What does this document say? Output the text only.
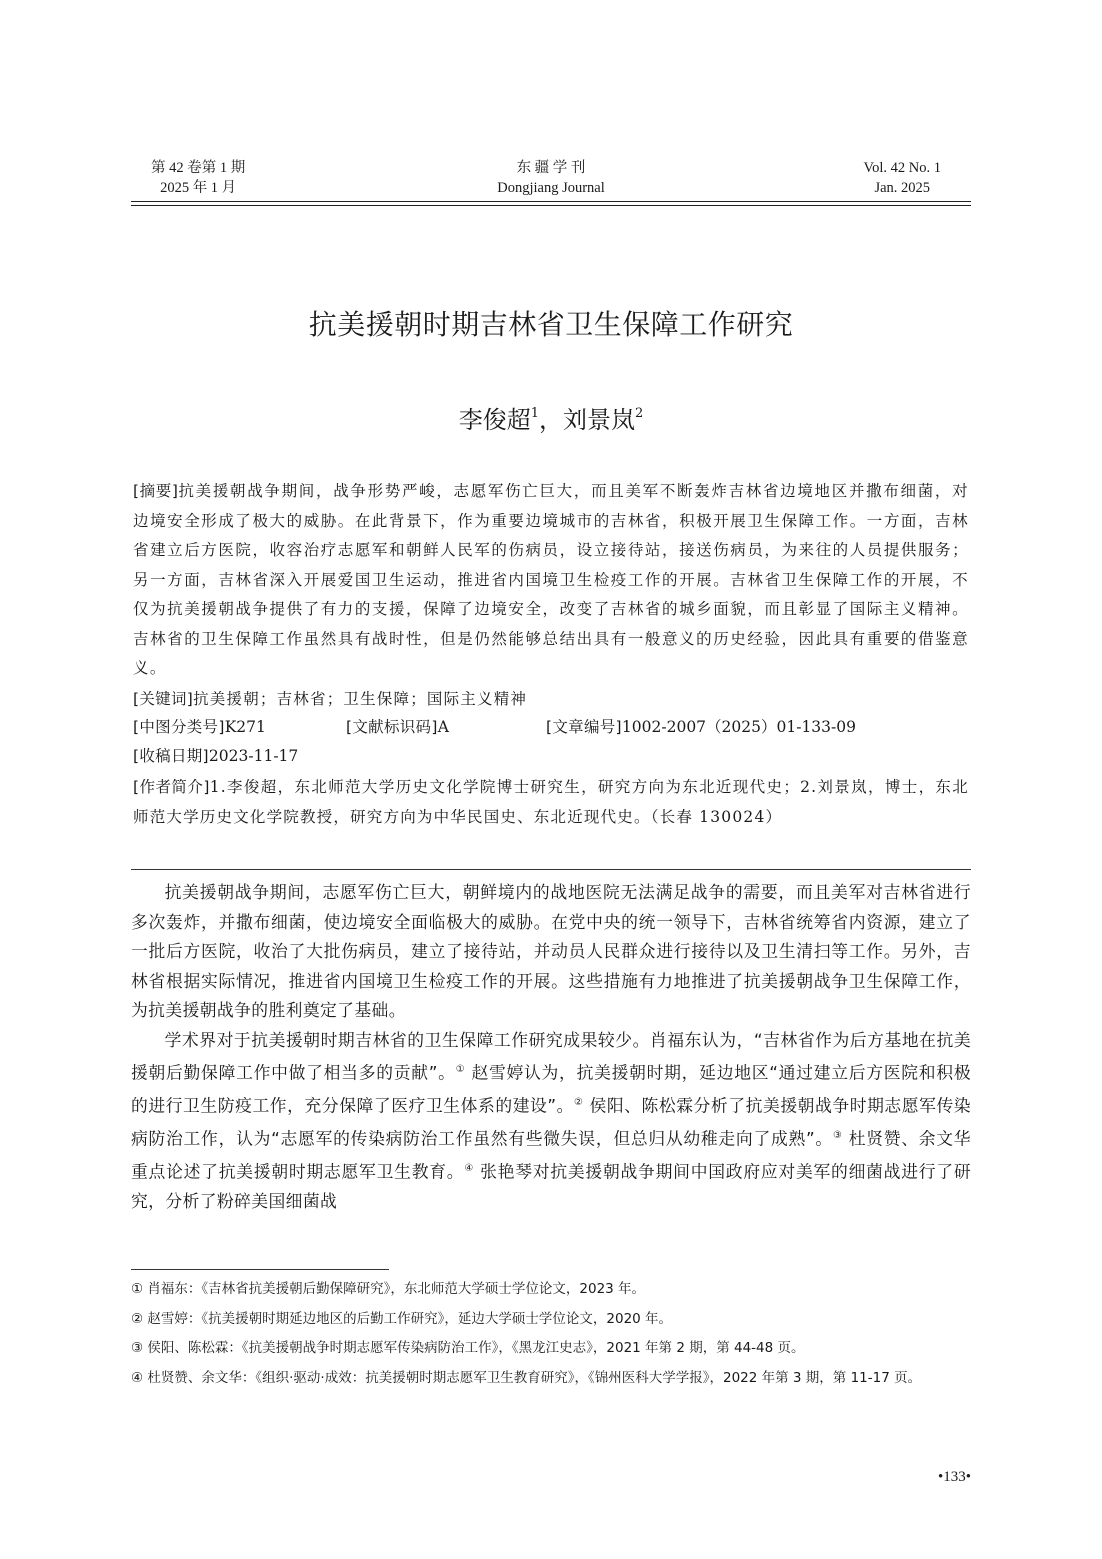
第 42 卷第 1 期
2025 年 1 月
东 疆 学 刊
Dongjiang Journal
Vol. 42 No. 1
Jan. 2025
抗美援朝时期吉林省卫生保障工作研究
李俊超$^1$，刘景岚$^2$
[摘要]抗美援朝战争期间，战争形势严峻，志愿军伤亡巨大，而且美军不断轰炸吉林省边境地区并撒布细菌，对边境安全形成了极大的威胁。在此背景下，作为重要边境城市的吉林省，积极开展卫生保障工作。一方面，吉林省建立后方医院，收容治疗志愿军和朝鲜人民军的伤病员，设立接待站，接送伤病员，为来往的人员提供服务；另一方面，吉林省深入开展爱国卫生运动，推进省内国境卫生检疫工作的开展。吉林省卫生保障工作的开展，不仅为抗美援朝战争提供了有力的支援，保障了边境安全，改变了吉林省的城乡面貌，而且彰显了国际主义精神。吉林省的卫生保障工作虽然具有战时性，但是仍然能够总结出具有一般意义的历史经验，因此具有重要的借鉴意义。
[关键词]抗美援朝；吉林省；卫生保障；国际主义精神
[中图分类号]K271	[文献标识码]A	[文章编号]1002-2007（2025）01-133-09
[收稿日期]2023-11-17
[作者简介]1.李俊超，东北师范大学历史文化学院博士研究生，研究方向为东北近现代史；2.刘景岚，博士，东北师范大学历史文化学院教授，研究方向为中华民国史、东北近现代史。（长春 130024）

抗美援朝战争期间，志愿军伤亡巨大，朝鲜境内的战地医院无法满足战争的需要，而且美军对吉林省进行多次轰炸，并撒布细菌，使边境安全面临极大的威胁。在党中央的统一领导下，吉林省统筹省内资源，建立了一批后方医院，收治了大批伤病员，建立了接待站，并动员人民群众进行接待以及卫生清扫等工作。另外，吉林省根据实际情况，推进省内国境卫生检疫工作的开展。这些措施有力地推进了抗美援朝战争卫生保障工作，为抗美援朝战争的胜利奠定了基础。

学术界对于抗美援朝时期吉林省的卫生保障工作研究成果较少。肖福东认为，“吉林省作为后方基地在抗美援朝后勤保障工作中做了相当多的贡献”。① 赵雪婷认为，抗美援朝时期，延边地区“通过建立后方医院和积极的进行卫生防疫工作，充分保障了医疗卫生体系的建设”。② 侯阳、陈松霖分析了抗美援朝战争时期志愿军传染病防治工作，认为“志愿军的传染病防治工作虽然有些微失误，但总归从幼稚走向了成熟”。③ 杜贤赞、余文华重点论述了抗美援朝时期志愿军卫生教育。④ 张艳琴对抗美援朝战争期间中国政府应对美军的细菌战进行了研究，分析了粉碎美国细菌战

① 肖福东：《吉林省抗美援朝后勤保障研究》，东北师范大学硕士学位论文，2023 年。
② 赵雪婷：《抗美援朝时期延边地区的后勤工作研究》，延边大学硕士学位论文，2020 年。
③ 侯阳、陈松霖：《抗美援朝战争时期志愿军传染病防治工作》，《黑龙江史志》，2021 年第 2 期，第 44-48 页。
④ 杜贤赞、余文华：《组织·驱动·成效：抗美援朝时期志愿军卫生教育研究》，《锦州医科大学学报》，2022 年第 3 期，第 11-17 页。
•133•
